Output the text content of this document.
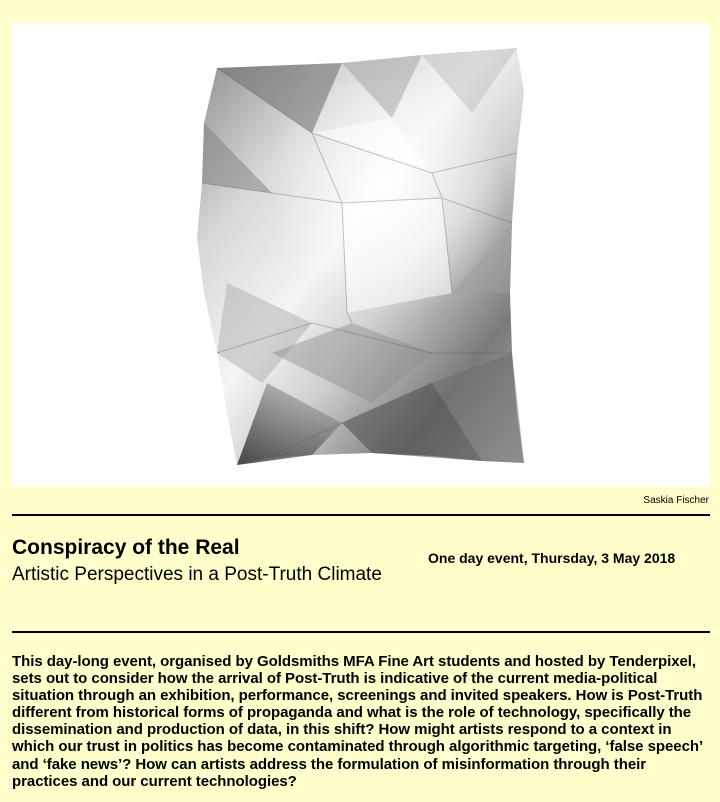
Saskia Fischer
Conspiracy of the Real

Artistic Perspectives in a Post-Truth Climate

One day event, Thursday, 3 May 2018

This day-long event, organised by Goldsmiths MFA Fine Art students and hosted by Tenderpixel, sets out to consider how the arrival of Post-Truth is indicative of the current media-political situation through an exhibition, performance, screenings and invited speakers. How is Post-Truth different from historical forms of propaganda and what is the role of technology, specifically the dissemination and production of data, in this shift? How might artists respond to a context in which our trust in politics has become contaminated through algorithmic targeting, ‘false speech’ and ‘fake news’? How can artists address the formulation of misinformation through their practices and our current technologies?
